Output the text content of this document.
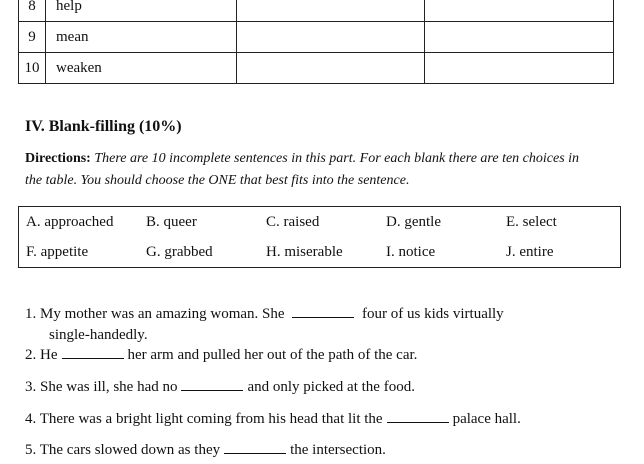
8	help		
9	mean		
10	weaken		
IV. Blank-filling (10%)
Directions: There are 10 incomplete sentences in this part. For each blank there are ten choices in the table. You should choose the ONE that best fits into the sentence.
A. approached	B. queer	C. raised	D. gentle	E. select
F. appetite	G. grabbed	H. miserable	I. notice	J. entire
1. My mother was an amazing woman. She	four of us kids virtually
single-handedly.
2. He	her arm and pulled her out of the path of the car.
3. She was ill, she had no	and only picked at the food.
4. There was a bright light coming from his head that lit the	palace hall.
5. The cars slowed down as they	the intersection.
